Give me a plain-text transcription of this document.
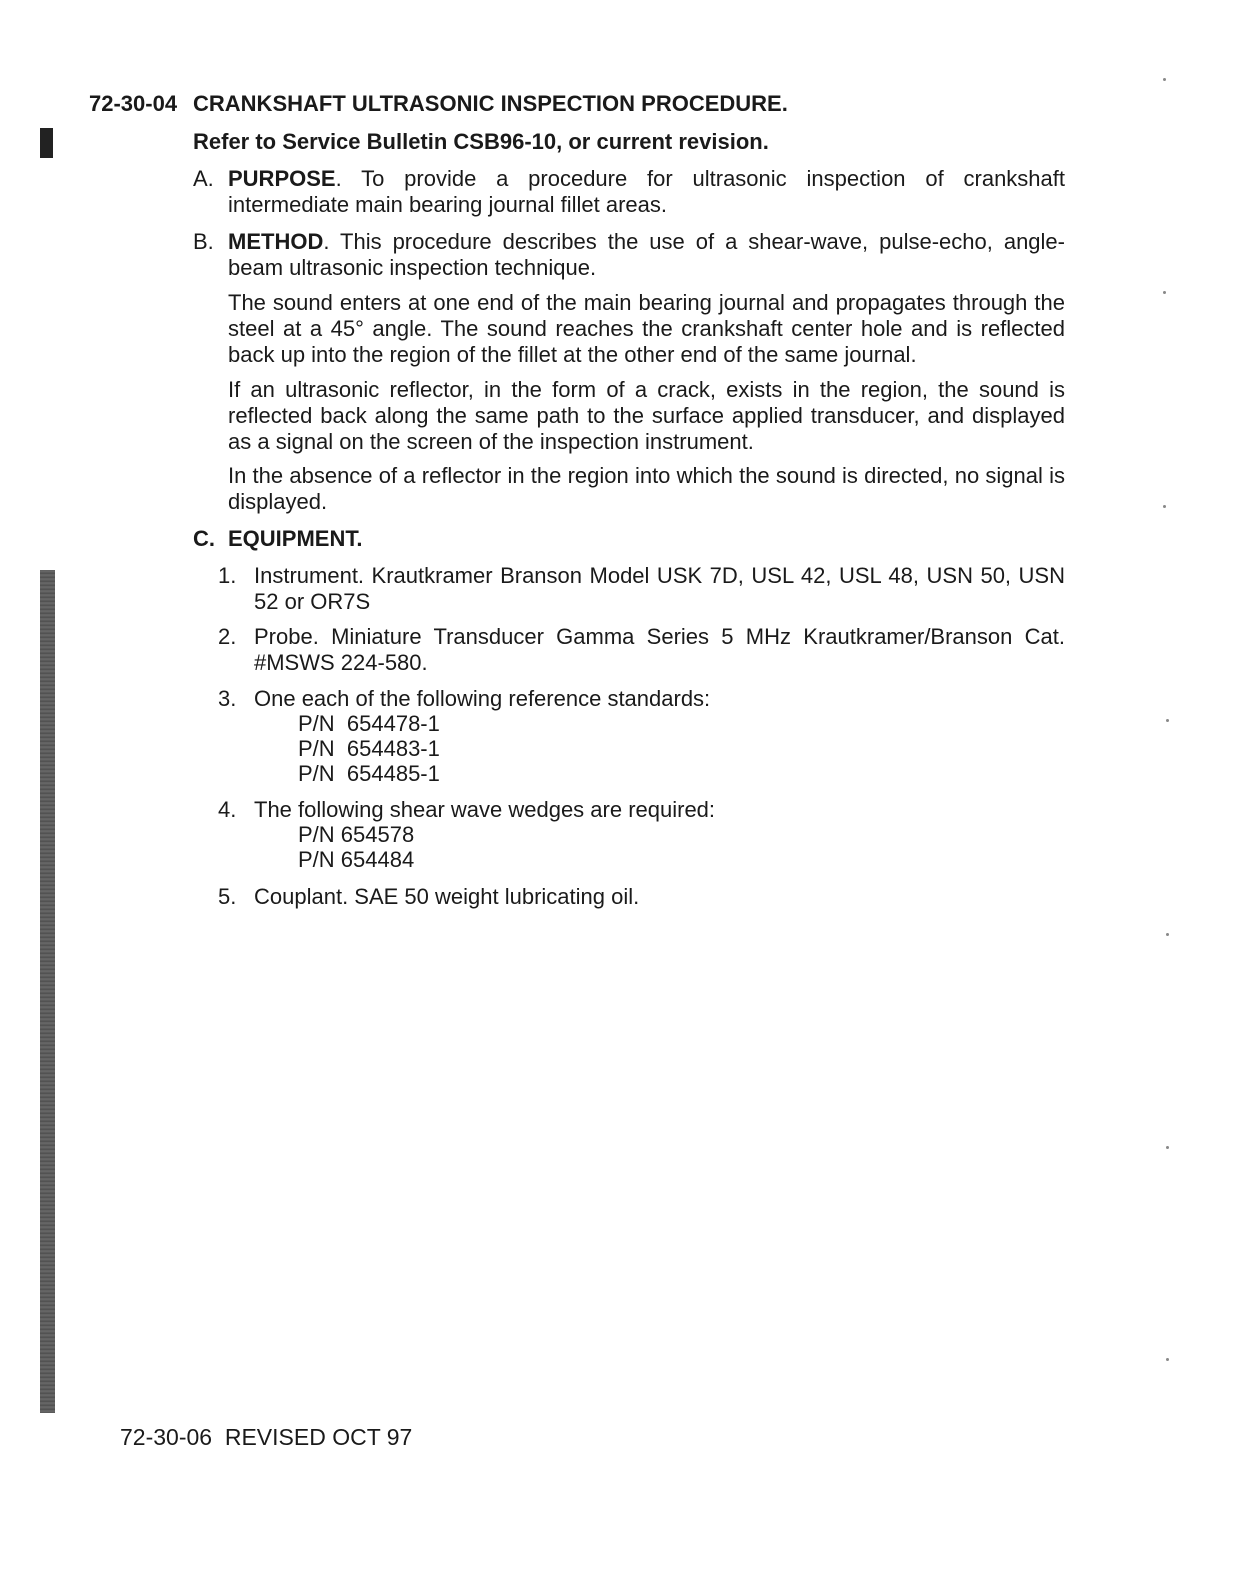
72-30-04 CRANKSHAFT ULTRASONIC INSPECTION PROCEDURE.
Refer to Service Bulletin CSB96-10, or current revision.
A. PURPOSE. To provide a procedure for ultrasonic inspection of crankshaft intermediate main bearing journal fillet areas.
B. METHOD. This procedure describes the use of a shear-wave, pulse-echo, angle-beam ultrasonic inspection technique.
The sound enters at one end of the main bearing journal and propagates through the steel at a 45° angle. The sound reaches the crankshaft center hole and is reflected back up into the region of the fillet at the other end of the same journal.
If an ultrasonic reflector, in the form of a crack, exists in the region, the sound is reflected back along the same path to the surface applied transducer, and displayed as a signal on the screen of the inspection instrument.
In the absence of a reflector in the region into which the sound is directed, no signal is displayed.
C. EQUIPMENT.
1. Instrument. Krautkramer Branson Model USK 7D, USL 42, USL 48, USN 50, USN 52 or OR7S
2. Probe. Miniature Transducer Gamma Series 5 MHz Krautkramer/Branson Cat. #MSWS 224-580.
3. One each of the following reference standards:
P/N  654478-1
P/N  654483-1
P/N  654485-1
4. The following shear wave wedges are required:
P/N 654578
P/N 654484
5. Couplant. SAE 50 weight lubricating oil.
72-30-06  REVISED OCT 97
